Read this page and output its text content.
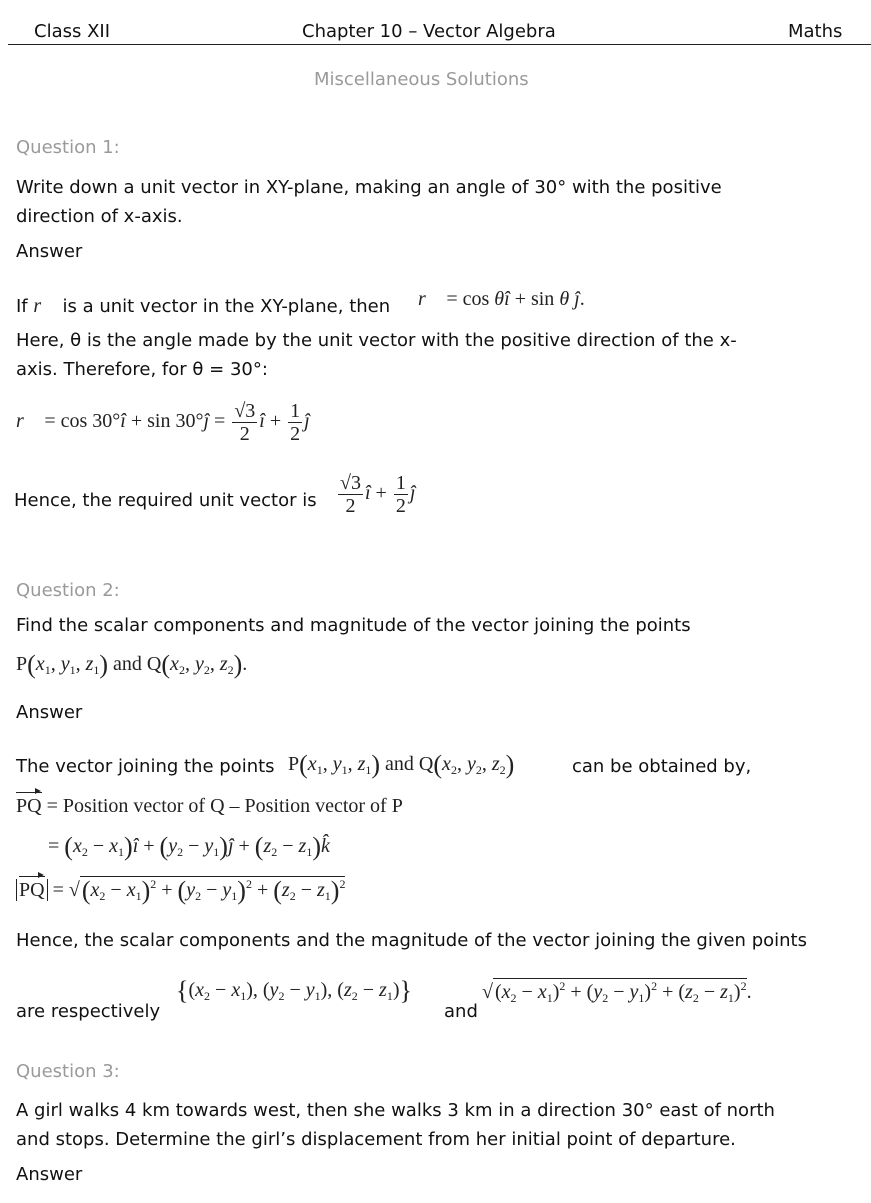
Class XII	Chapter 10 – Vector Algebra	Maths
Miscellaneous Solutions
Question 1:
Write down a unit vector in XY-plane, making an angle of 30° with the positive
direction of x-axis.
Answer
If r⃗ is a unit vector in the XY-plane, then r⃗ = cos θî + sin θ ĵ.
Here, θ is the angle made by the unit vector with the positive direction of the x-
axis. Therefore, for θ = 30°:
r⃗ = cos 30°î + sin 30°ĵ = $\frac{√3}{2}$ î + $\frac{1}{2}$ ĵ
Hence, the required unit vector is $\frac{√3}{2}$ î + $\frac{1}{2}$ ĵ
Question 2:
Find the scalar components and magnitude of the vector joining the points
$P(x_1$, $y_1$, $z_1$) and $Q(x_2$, $y_2$, $z_2$).
Answer
The vector joining the points $P(x_1$, $y_1$, $z_1$) and $Q(x_2$, $y_2$, $z_2$)	can be obtained by,
PQ = Position vector of Q – Position vector of P
= ($x_2$ − $x_1)î + (y_2$ − $y_1)ĵ + (z_2$ − $z_1)k̂$
PQ = $√(x_2 - x_1)^2 + (y_2 - y_1)^2 + (z_2 - z_1)^2$
Hence, the scalar components and the magnitude of the vector joining the given points
are respectively
{$(x_2 - x_1)$, $(y_2 - y_1)$, $(z_2 - z_1)$}
and
√ $(x_2 - x_1)^2 + (y_2 - y_1)^2 + (z_2 - z_1)^2$.
Question 3:
A girl walks 4 km towards west, then she walks 3 km in a direction 30° east of north
and stops. Determine the girl’s displacement from her initial point of departure.
Answer
